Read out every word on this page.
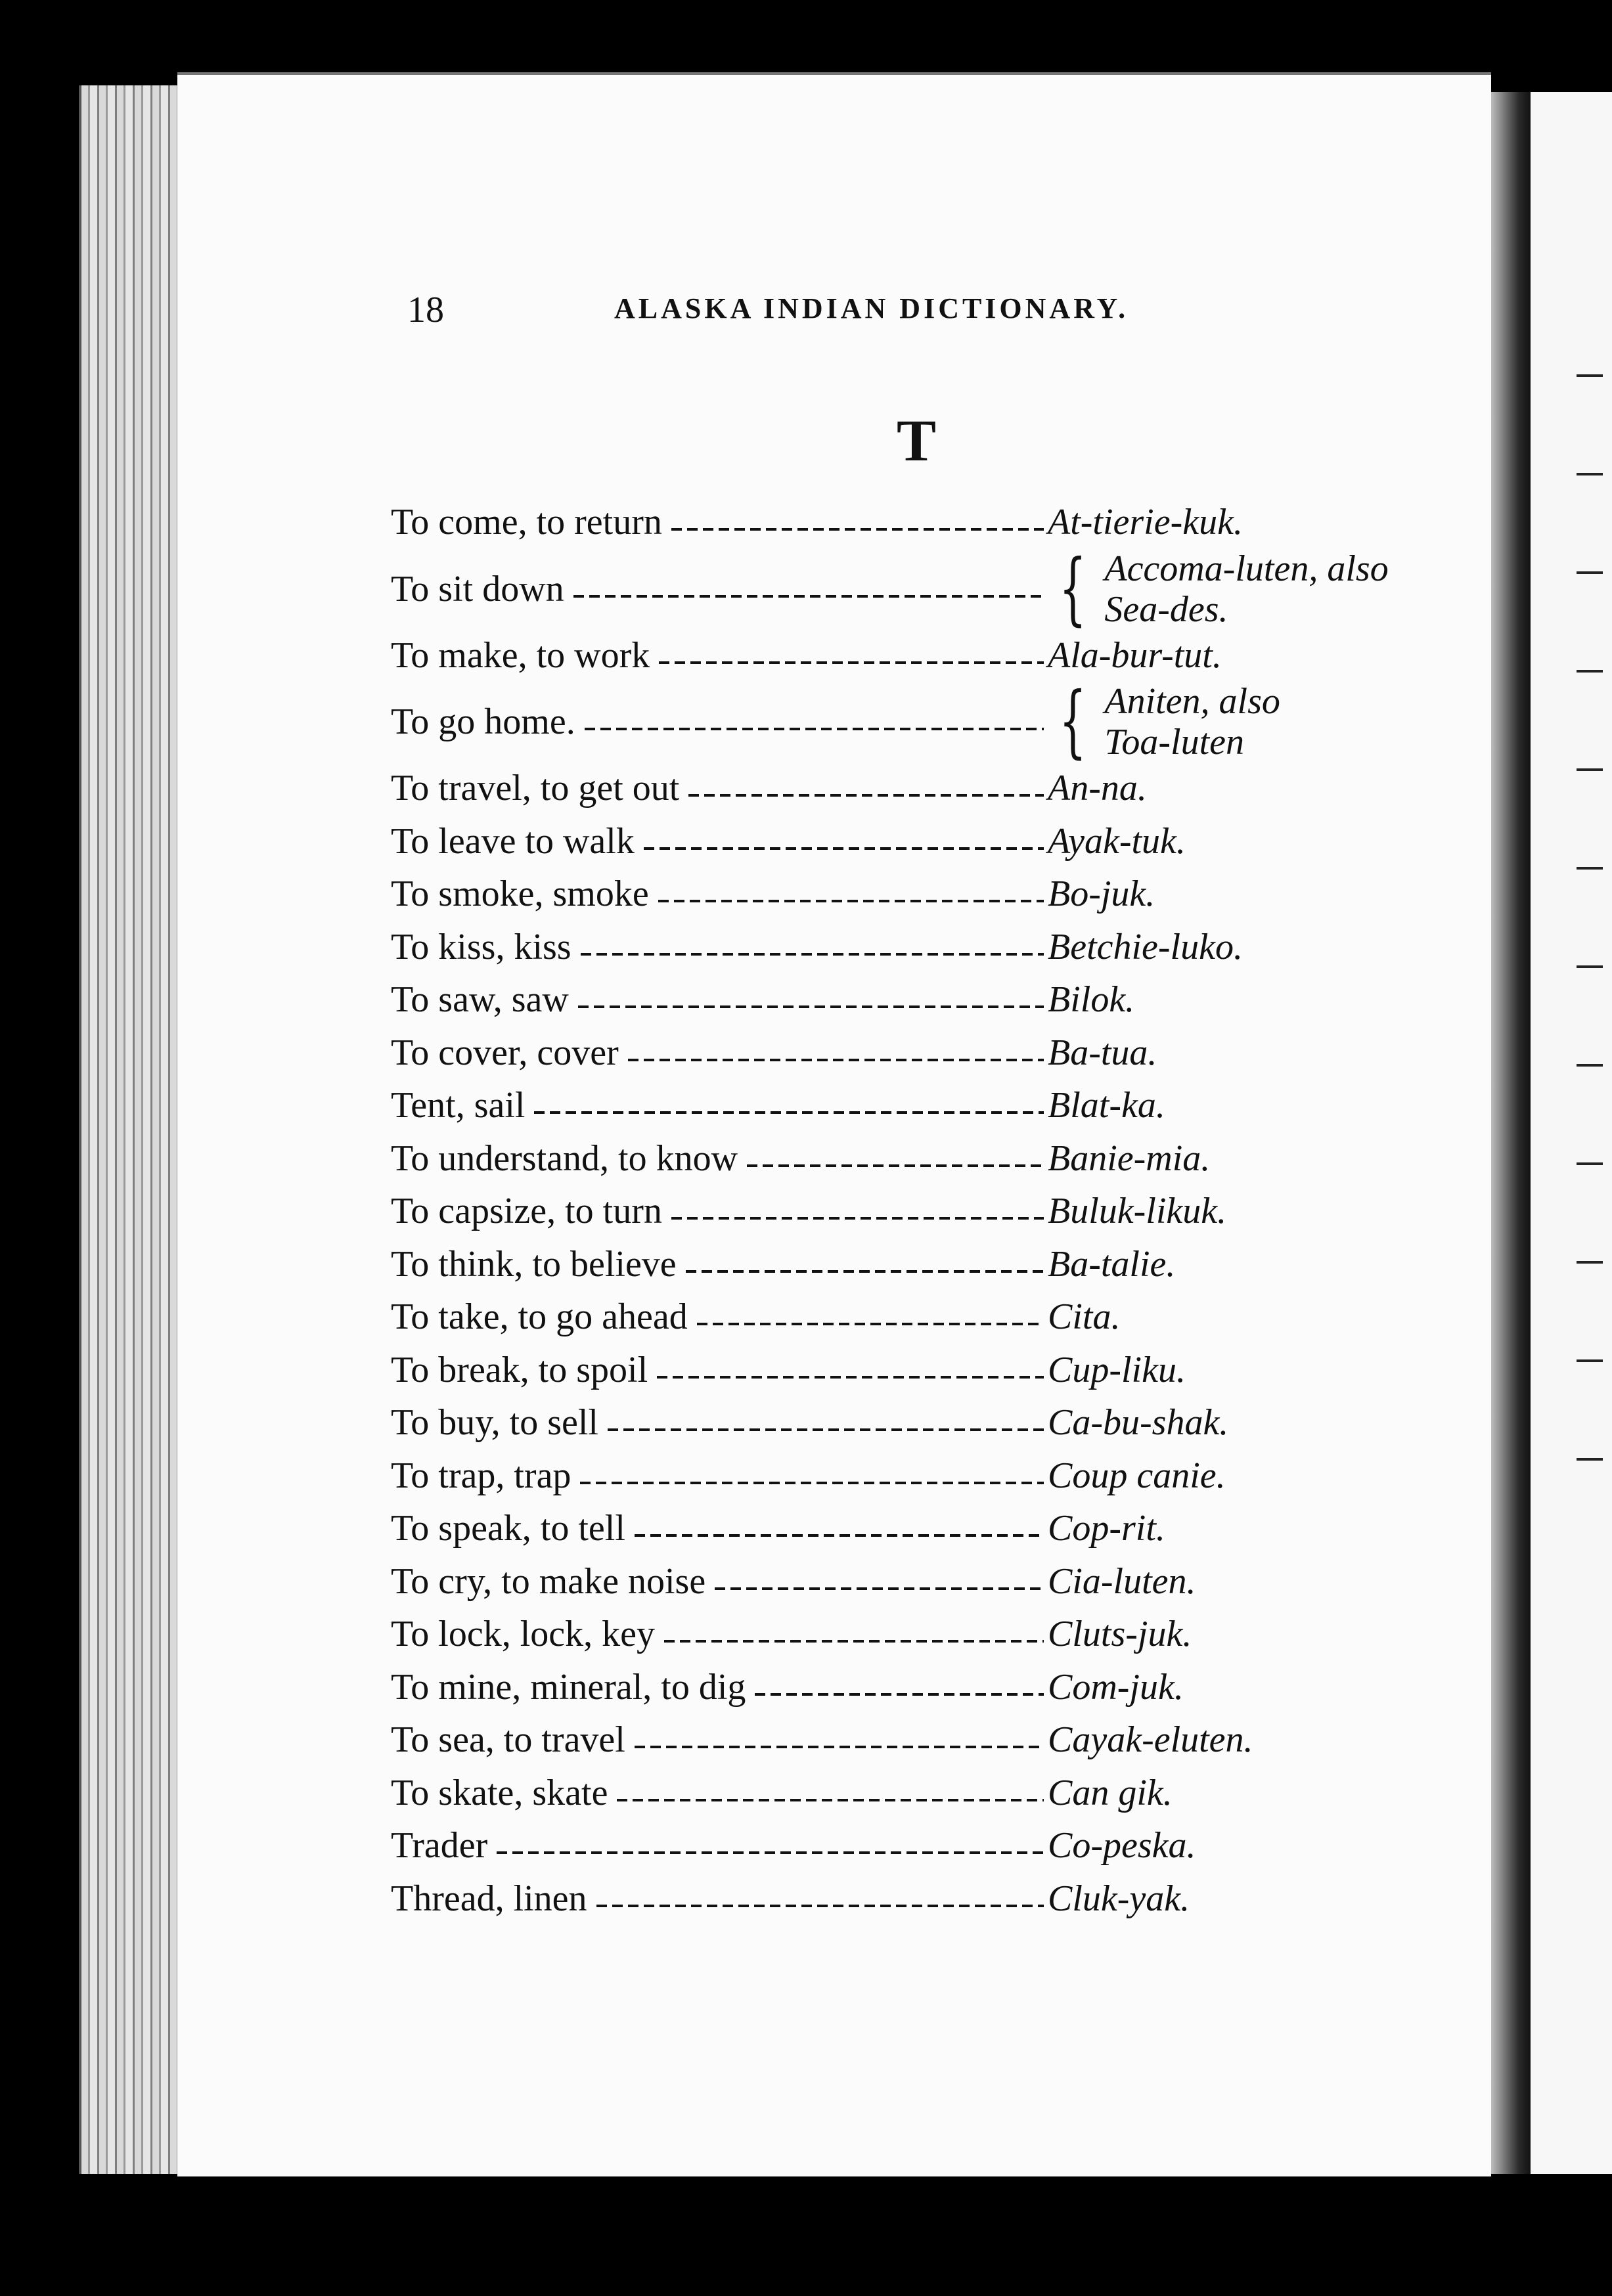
18	ALASKA INDIAN DICTIONARY.
T
To come, to return	At-tierie-kuk.
To sit down	{ Accoma-luten, also
Sea-des.
To make, to work	Ala-bur-tut.
To go home.	{ Aniten, also
Toa-luten
To travel, to get out	An-na.
To leave to walk	Ayak-tuk.
To smoke, smoke	Bo-juk.
To kiss, kiss	Betchie-luko.
To saw, saw	Bilok.
To cover, cover	Ba-tua.
Tent, sail	Blat-ka.
To understand, to know	Banie-mia.
To capsize, to turn	Buluk-likuk.
To think, to believe	Ba-talie.
To take, to go ahead	Cita.
To break, to spoil	Cup-liku.
To buy, to sell	Ca-bu-shak.
To trap, trap	Coup canie.
To speak, to tell	Cop-rit.
To cry, to make noise	Cia-luten.
To lock, lock, key	Cluts-juk.
To mine, mineral, to dig	Com-juk.
To sea, to travel	Cayak-eluten.
To skate, skate	Can gik.
Trader	Co-peska.
Thread, linen	Cluk-yak.
